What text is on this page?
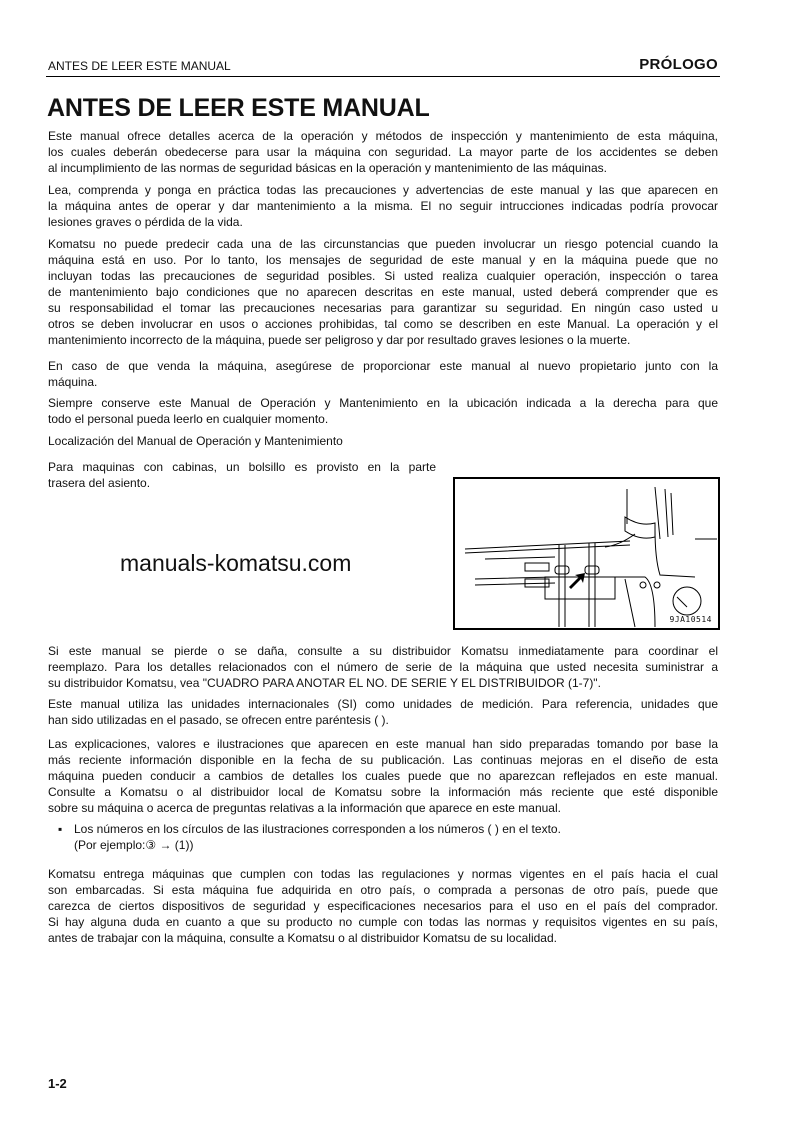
ANTES DE LEER ESTE MANUAL	PRÓLOGO
ANTES DE LEER ESTE MANUAL
Este manual ofrece detalles acerca de la operación y métodos de inspección y mantenimiento de esta máquina,
los cuales deberán obedecerse para usar la máquina con seguridad. La mayor parte de los accidentes se deben
al incumplimiento de las normas de seguridad básicas en la operación y mantenimiento de las máquinas.
Lea, comprenda y ponga en práctica todas las precauciones y advertencias de este manual y las que aparecen en
la máquina antes de operar y dar mantenimiento a la misma. El no seguir intrucciones indicadas podría provocar
lesiones graves o pérdida de la vida.
Komatsu no puede predecir cada una de las circunstancias que pueden involucrar un riesgo potencial cuando la
máquina está en uso. Por lo tanto, los mensajes de seguridad de este manual y en la máquina puede que no
incluyan todas las precauciones de seguridad posibles. Si usted realiza cualquier operación, inspección o tarea
de mantenimiento bajo condiciones que no aparecen descritas en este manual, usted deberá comprender que es
su responsabilidad el tomar las precauciones necesarias para garantizar su seguridad. En ningún caso usted u
otros se deben involucrar en usos o acciones prohibidas, tal como se describen en este Manual. La operación y el
mantenimiento incorrecto de la máquina, puede ser peligroso y dar por resultado graves lesiones o la muerte.
En caso de que venda la máquina, asegúrese de proporcionar este manual al nuevo propietario junto con la
máquina.
Siempre conserve este Manual de Operación y Mantenimiento en la ubicación indicada a la derecha para que
todo el personal pueda leerlo en cualquier momento.
Localización del Manual de Operación y Mantenimiento
Para maquinas con cabinas, un bolsillo es provisto en la parte
trasera del asiento.
9JA10514
Si este manual se pierde o se daña, consulte a su distribuidor Komatsu inmediatamente para coordinar el
reemplazo. Para los detalles relacionados con el número de serie de la máquina que usted necesita suministrar a
su distribuidor Komatsu, vea "CUADRO PARA ANOTAR EL NO. DE SERIE Y EL DISTRIBUIDOR (1-7)".
Este manual utiliza las unidades internacionales (SI) como unidades de medición. Para referencia, unidades que
han sido utilizadas en el pasado, se ofrecen entre paréntesis ( ).
Las explicaciones, valores e ilustraciones que aparecen en este manual han sido preparadas tomando por base la
más reciente información disponible en la fecha de su publicación. Las continuas mejoras en el diseño de esta
máquina pueden conducir a cambios de detalles los cuales puede que no aparezcan reflejados en este manual.
Consulte a Komatsu o al distribuidor local de Komatsu sobre la información más reciente que esté disponible
sobre su máquina o acerca de preguntas relativas a la información que aparece en este manual.
▪ Los números en los círculos de las ilustraciones corresponden a los números ( ) en el texto.
(Por ejemplo:③ → (1))
Komatsu entrega máquinas que cumplen con todas las regulaciones y normas vigentes en el país hacia el cual
son embarcadas. Si esta máquina fue adquirida en otro país, o comprada a personas de otro país, puede que
carezca de ciertos dispositivos de seguridad y especificaciones necesarios para el uso en el país del comprador.
Si hay alguna duda en cuanto a que su producto no cumple con todas las normas y requisitos vigentes en su país,
antes de trabajar con la máquina, consulte a Komatsu o al distribuidor Komatsu de su localidad.
manuals-komatsu.com
1-2
